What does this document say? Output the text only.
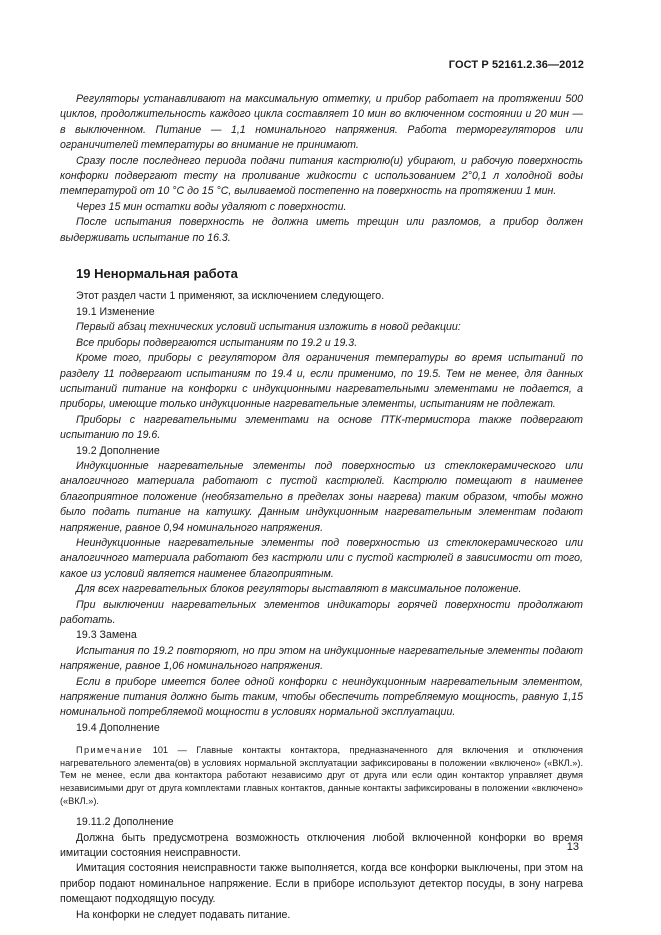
ГОСТ Р 52161.2.36—2012

Регуляторы устанавливают на максимальную отметку, и прибор работает на протяжении 500 циклов, продолжительность каждого цикла составляет 10 мин во включенном состоянии и 20 мин — в выключенном. Питание — 1,1 номинального напряжения. Работа терморегуляторов или ограничителей температуры во внимание не принимают.

Сразу после последнего периода подачи питания кастрюлю(и) убирают, и рабочую поверхность конфорки подвергают тесту на проливание жидкости с использованием 2°0,1 л холодной воды температурой от 10 °С до 15 °С, выливаемой постепенно на поверхность на протяжении 1 мин.

Через 15 мин остатки воды удаляют с поверхности.

После испытания поверхность не должна иметь трещин или разломов, а прибор должен выдерживать испытание по 16.3.

19 Ненормальная работа

Этот раздел части 1 применяют, за исключением следующего.

19.1 Изменение

Первый абзац технических условий испытания изложить в новой редакции:

Все приборы подвергаются испытаниям по 19.2 и 19.3.

Кроме того, приборы с регулятором для ограничения температуры во время испытаний по разделу 11 подвергают испытаниям по 19.4 и, если применимо, по 19.5. Тем не менее, для данных испытаний питание на конфорки с индукционными нагревательными элементами не подается, а приборы, имеющие только индукционные нагревательные элементы, испытаниям не подлежат.

Приборы с нагревательными элементами на основе ПТК-термистора также подвергают испытанию по 19.6.

19.2 Дополнение

Индукционные нагревательные элементы под поверхностью из стеклокерамического или аналогичного материала работают с пустой кастрюлей. Кастрюлю помещают в наименее благоприятное положение (необязательно в пределах зоны нагрева) таким образом, чтобы можно было подать питание на катушку. Данным индукционным нагревательным элементам подают напряжение, равное 0,94 номинального напряжения.

Неиндукционные нагревательные элементы под поверхностью из стеклокерамического или аналогичного материала работают без кастрюли или с пустой кастрюлей в зависимости от того, какое из условий является наименее благоприятным.

Для всех нагревательных блоков регуляторы выставляют в максимальное положение.

При выключении нагревательных элементов индикаторы горячей поверхности продолжают работать.

19.3 Замена

Испытания по 19.2 повторяют, но при этом на индукционные нагревательные элементы подают напряжение, равное 1,06 номинального напряжения.

Если в приборе имеется более одной конфорки с неиндукционным нагревательным элементом, напряжение питания должно быть таким, чтобы обеспечить потребляемую мощность, равную 1,15 номинальной потребляемой мощности в условиях нормальной эксплуатации.

19.4 Дополнение

Примечание 101 — Главные контакты контактора, предназначенного для включения и отключения нагревательного элемента(ов) в условиях нормальной эксплуатации зафиксированы в положении «включено» («ВКЛ.»). Тем не менее, если два контактора работают независимо друг от друга или если один контактор управляет двумя независимыми друг от друга комплектами главных контактов, данные контакты зафиксированы в положении «включено» («ВКЛ.»).

19.11.2 Дополнение

Должна быть предусмотрена возможность отключения любой включенной конфорки во время имитации состояния неисправности.

Имитация состояния неисправности также выполняется, когда все конфорки выключены, при этом на прибор подают номинальное напряжение. Если в приборе используют детектор посуды, в зону нагрева помещают подходящую посуду.

На конфорки не следует подавать питание.

13
